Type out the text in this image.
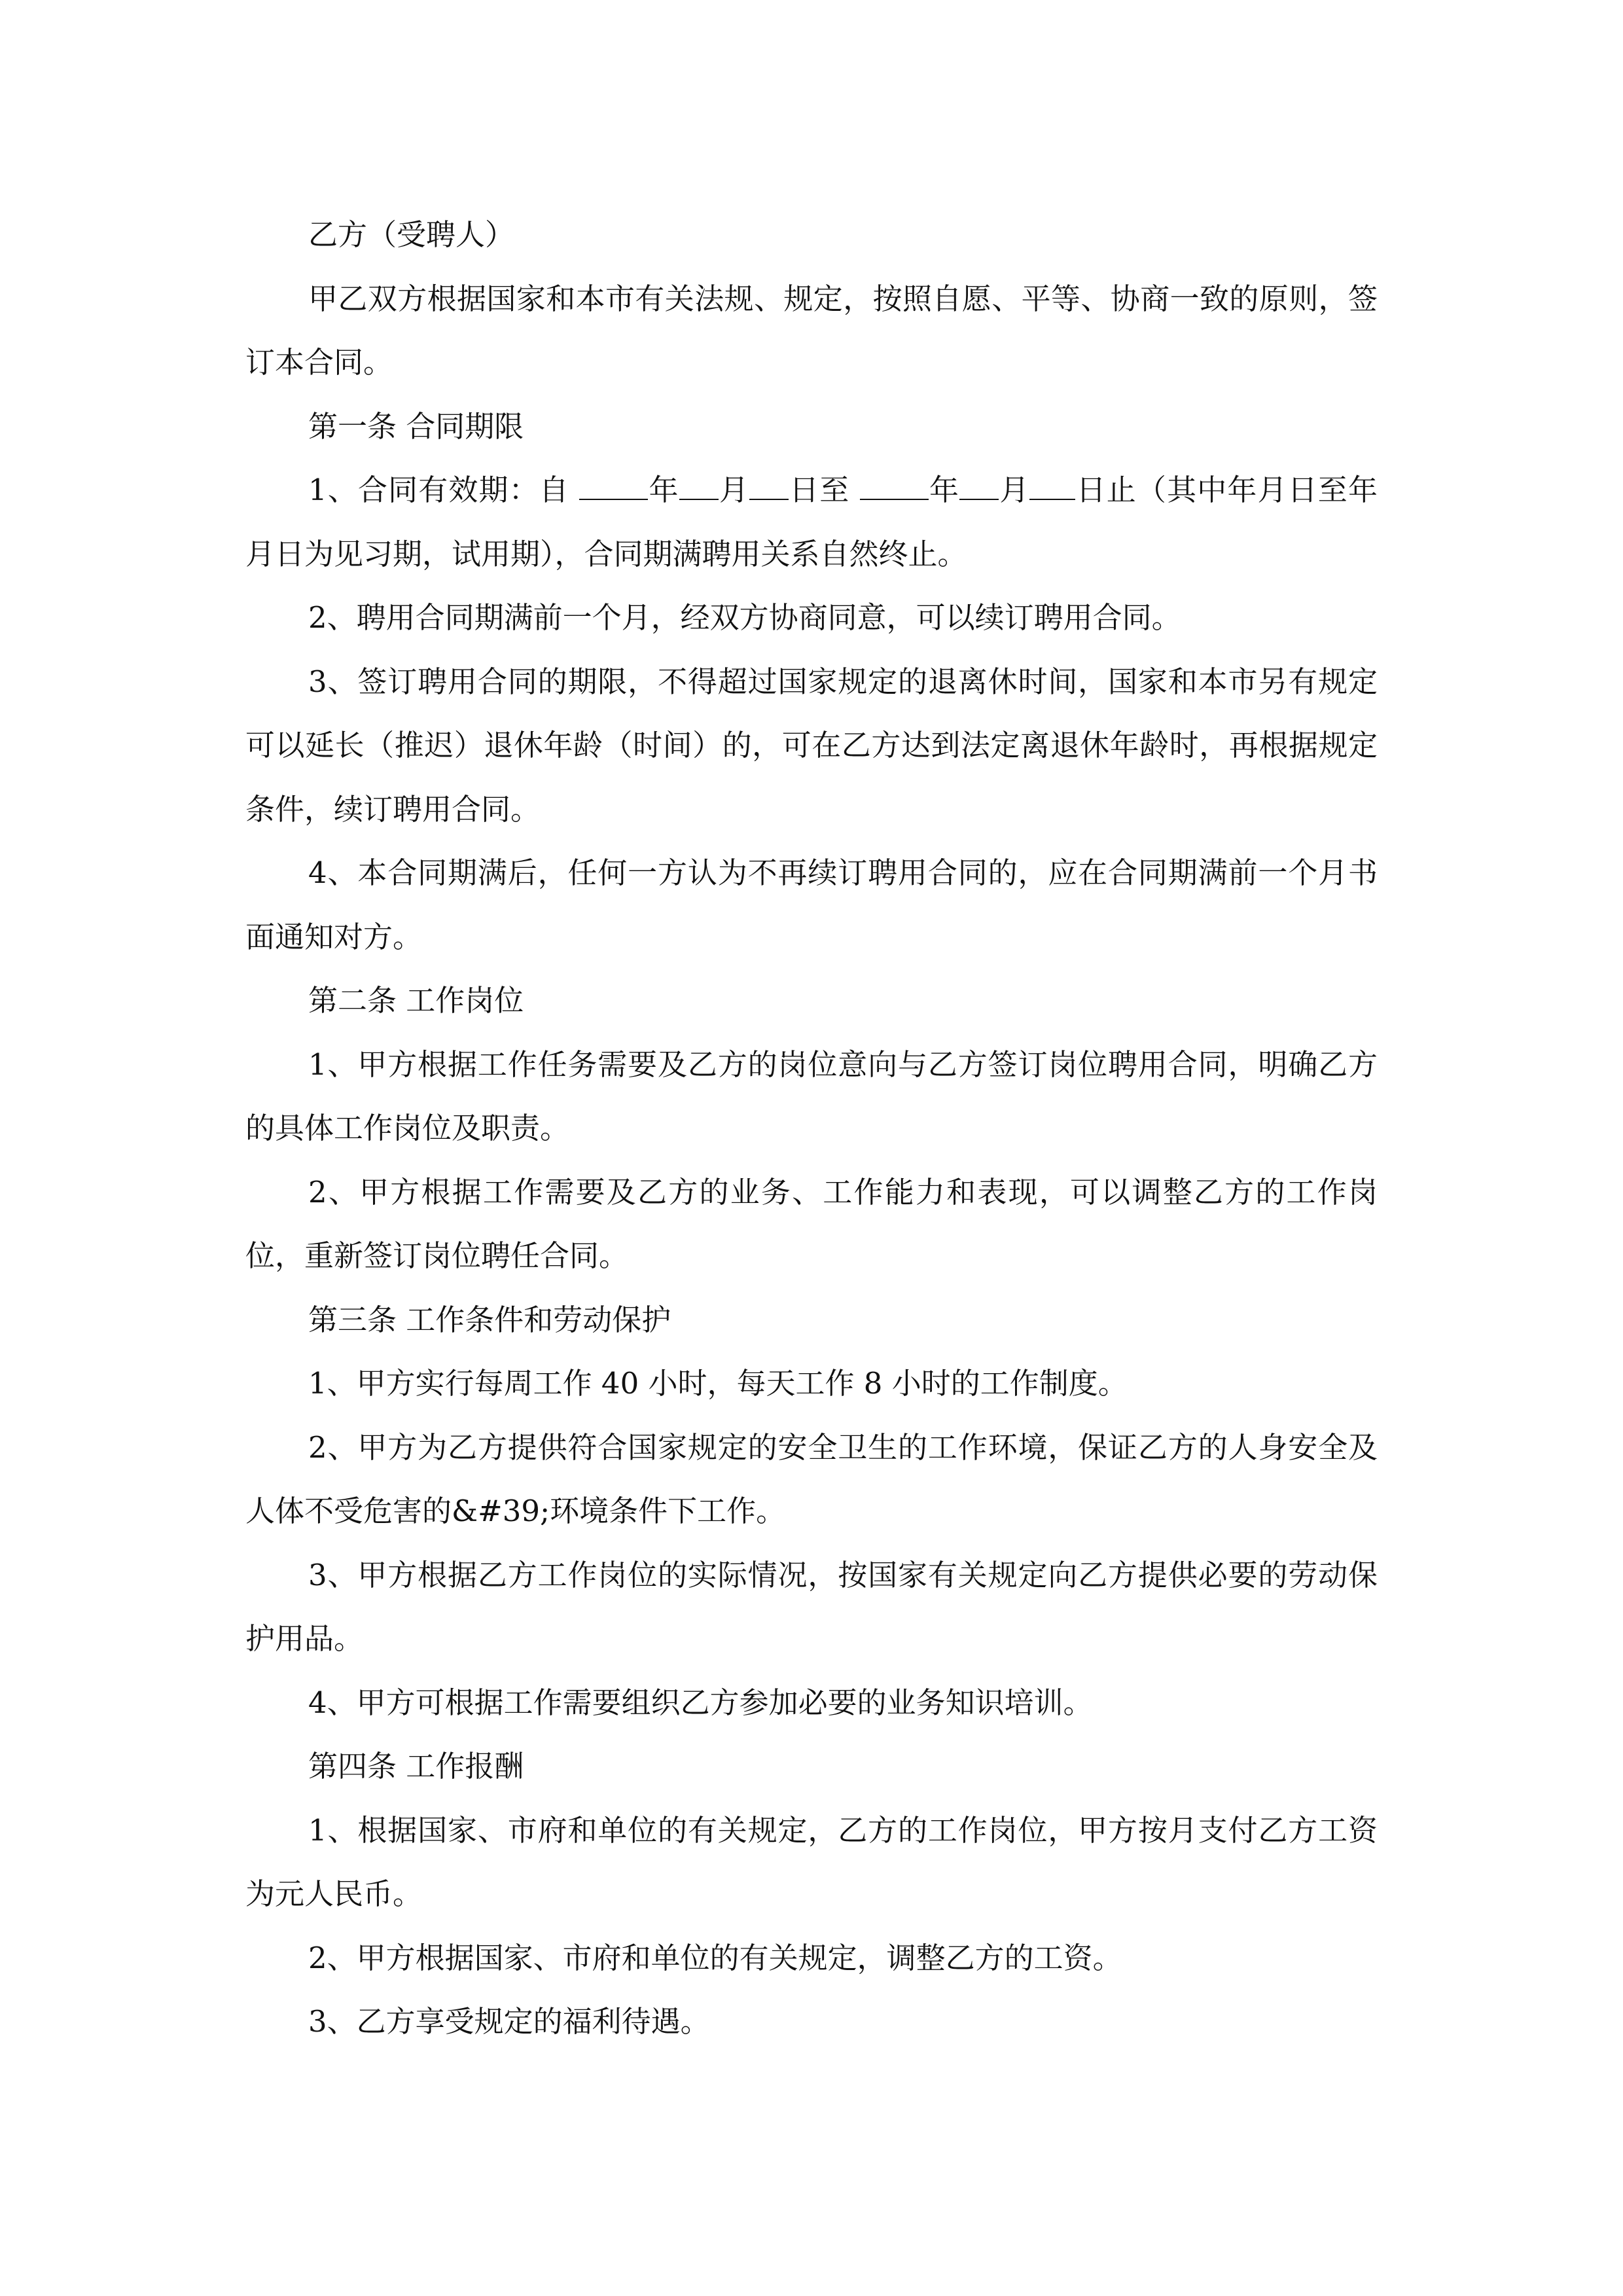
乙方（受聘人）

甲乙双方根据国家和本市有关法规、规定，按照自愿、平等、协商一致的原则，签订本合同。

第一条 合同期限

1、合同有效期：自 年 月 日至 年 月 日止（其中年月日至年月日为见习期，试用期），合同期满聘用关系自然终止。

2、聘用合同期满前一个月，经双方协商同意，可以续订聘用合同。

3、签订聘用合同的期限，不得超过国家规定的退离休时间，国家和本市另有规定可以延长（推迟）退休年龄（时间）的，可在乙方达到法定离退休年龄时，再根据规定条件，续订聘用合同。

4、本合同期满后，任何一方认为不再续订聘用合同的，应在合同期满前一个月书面通知对方。

第二条 工作岗位

1、甲方根据工作任务需要及乙方的岗位意向与乙方签订岗位聘用合同，明确乙方的具体工作岗位及职责。

2、甲方根据工作需要及乙方的业务、工作能力和表现，可以调整乙方的工作岗位，重新签订岗位聘任合同。

第三条 工作条件和劳动保护

1、甲方实行每周工作 40 小时，每天工作 8 小时的工作制度。

2、甲方为乙方提供符合国家规定的安全卫生的工作环境，保证乙方的人身安全及人体不受危害的&#39;环境条件下工作。

3、甲方根据乙方工作岗位的实际情况，按国家有关规定向乙方提供必要的劳动保护用品。

4、甲方可根据工作需要组织乙方参加必要的业务知识培训。

第四条 工作报酬

1、根据国家、市府和单位的有关规定，乙方的工作岗位，甲方按月支付乙方工资为元人民币。

2、甲方根据国家、市府和单位的有关规定，调整乙方的工资。

3、乙方享受规定的福利待遇。
